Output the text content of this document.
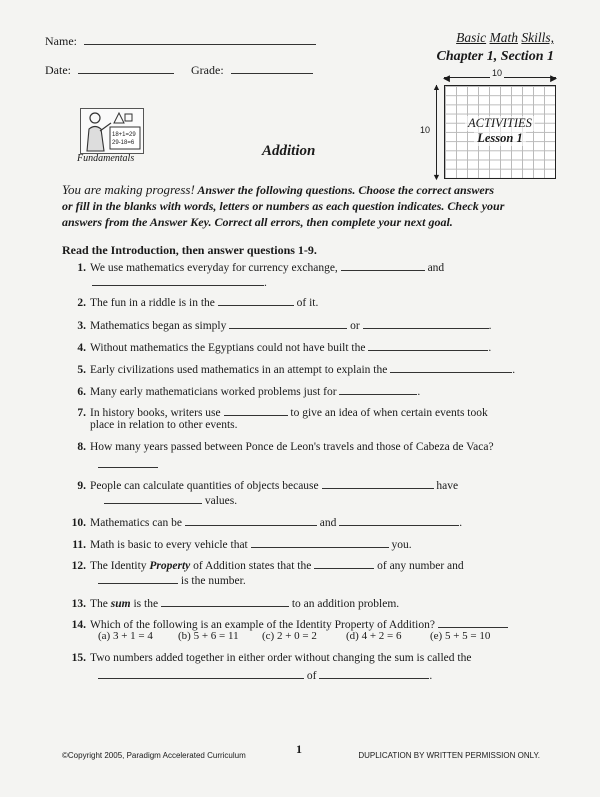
Name:
Date:	Grade:
Basic Math Skills,
Chapter 1, Section 1
◀	▶
10
▲
▼
10	ACTIVITIES
Lesson 1
18+1=29
29-18=6
Fundamentals	Addition
You are making progress! Answer the following questions. Choose the correct answers
or fill in the blanks with words, letters or numbers as each question indicates. Check your
answers from the Answer Key. Correct all errors, then complete your next goal.
Read the Introduction, then answer questions 1-9.
1. We use mathematics everyday for currency exchange,	and
.
2. The fun in a riddle is in the	of it.
3. Mathematics began as simply	or	.
4. Without mathematics the Egyptians could not have built the	.
5. Early civilizations used mathematics in an attempt to explain the	.
6. Many early mathematicians worked problems just for	.
7. In history books, writers use	to give an idea of when certain events took
place in relation to other events.
8. How many years passed between Ponce de Leon's travels and those of Cabeza de Vaca?
9. People can calculate quantities of objects because	have
values.
10. Mathematics can be	and	.
11. Math is basic to every vehicle that	you.
12. The Identity Property of Addition states that the	of any number and
is the number.
13. The sum is the	to an addition problem.
14. Which of the following is an example of the Identity Property of Addition?
(a) 3 + 1 = 4 (b) 5 + 6 = 11 (c) 2 + 0 = 2	(d) 4 + 2 = 6	(e) 5 + 5 = 10
15. Two numbers added together in either order without changing the sum is called the
of	.
©Copyright 2005, Paradigm Accelerated Curriculum	1	DUPLICATION BY WRITTEN PERMISSION ONLY.
